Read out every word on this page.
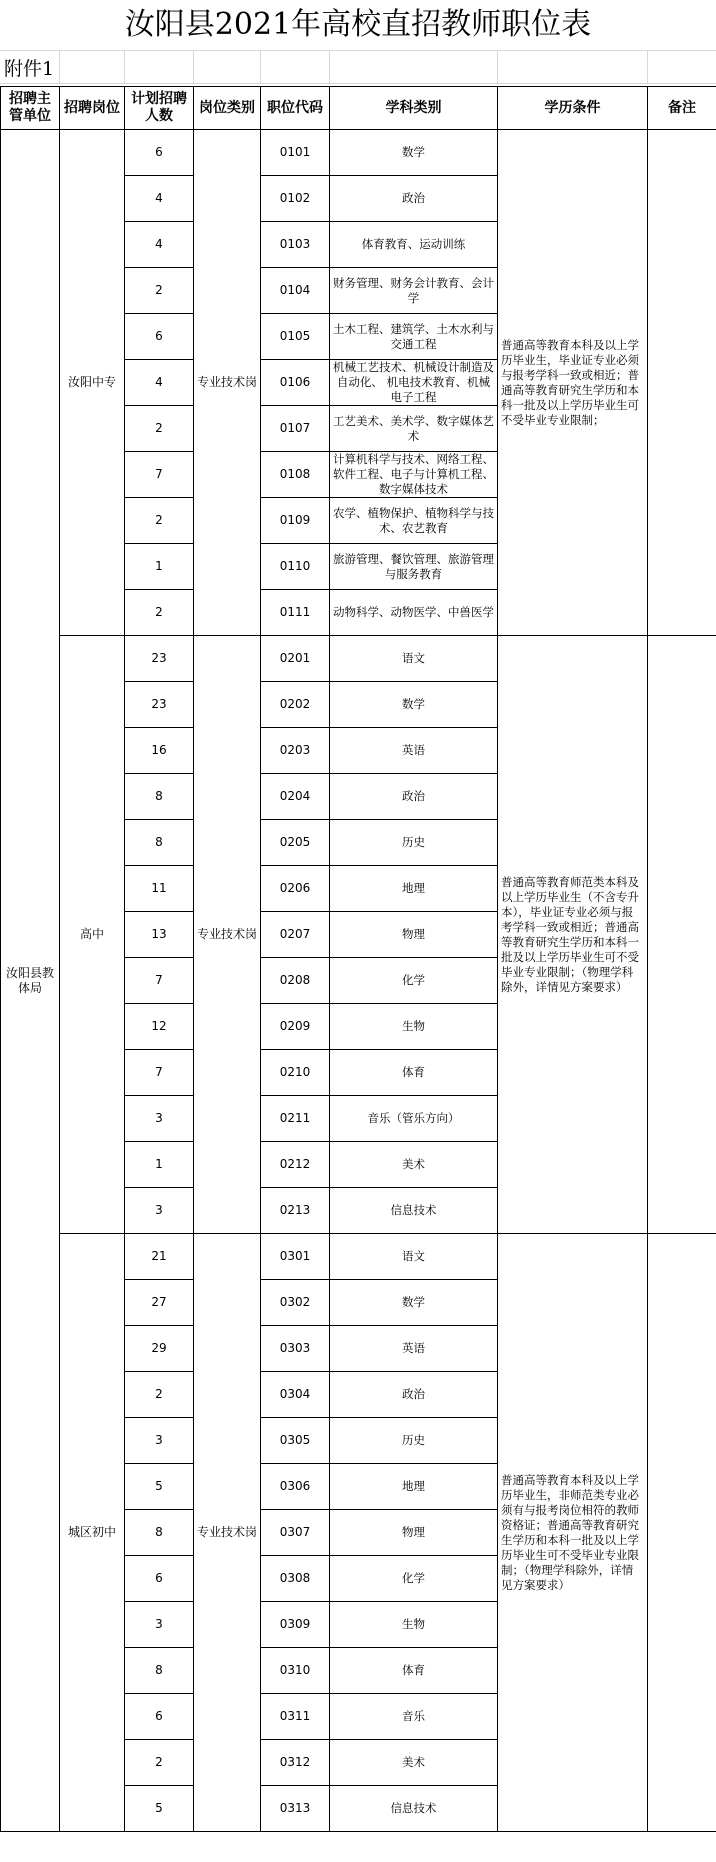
汝阳县2021年高校直招教师职位表
附件1
招聘主管单位	招聘岗位	计划招聘人数	岗位类别	职位代码	学科类别	学历条件	备注
汝阳县教体局	汝阳中专	6	专业技术岗	0101	数学	普通高等教育本科及以上学历毕业生，毕业证专业必须与报考学科一致或相近；普通高等教育研究生学历和本科一批及以上学历毕业生可不受毕业专业限制；	
		4		0102	政治		
		4		0103	体育教育、运动训练		
		2		0104	财务管理、财务会计教育、会计学		
		6		0105	土木工程、建筑学、土木水利与交通工程		
		4		0106	机械工艺技术、机械设计制造及自动化、 机电技术教育、机械电子工程		
		2		0107	工艺美术、美术学、数字媒体艺术		
		7		0108	计算机科学与技术、网络工程、软件工程、电子与计算机工程、数字媒体技术		
		2		0109	农学、植物保护、植物科学与技术、农艺教育		
		1		0110	旅游管理、餐饮管理、旅游管理与服务教育		
		2		0111	动物科学、动物医学、中兽医学		
	高中	23	专业技术岗	0201	语文	普通高等教育师范类本科及以上学历毕业生（不含专升本），毕业证专业必须与报考学科一致或相近；普通高等教育研究生学历和本科一批及以上学历毕业生可不受毕业专业限制；（物理学科除外，详情见方案要求）	
		23		0202	数学		
		16		0203	英语		
		8		0204	政治		
		8		0205	历史		
		11		0206	地理		
		13		0207	物理		
		7		0208	化学		
		12		0209	生物		
		7		0210	体育		
		3		0211	音乐（管乐方向）		
		1		0212	美术		
		3		0213	信息技术		
	城区初中	21	专业技术岗	0301	语文	普通高等教育本科及以上学历毕业生，非师范类专业必须有与报考岗位相符的教师资格证；普通高等教育研究生学历和本科一批及以上学历毕业生可不受毕业专业限制；（物理学科除外，详情见方案要求）	
		27		0302	数学		
		29		0303	英语		
		2		0304	政治		
		3		0305	历史		
		5		0306	地理		
		8		0307	物理		
		6		0308	化学		
		3		0309	生物		
		8		0310	体育		
		6		0311	音乐		
		2		0312	美术		
		5		0313	信息技术		
